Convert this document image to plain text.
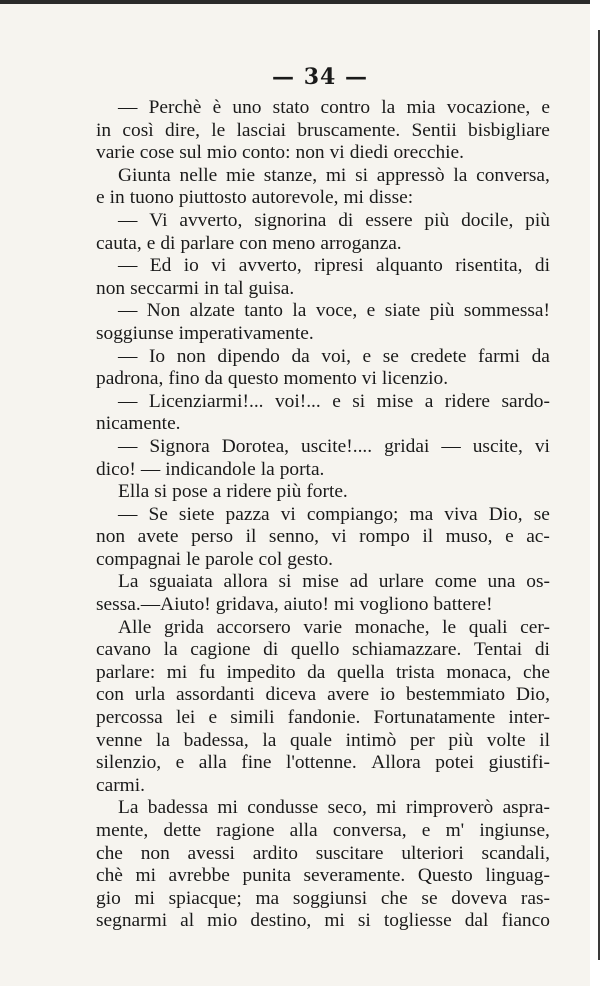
— 34 —
— Perchè è uno stato contro la mia vocazione, e
in così dire, le lasciai bruscamente. Sentii bisbigliare
varie cose sul mio conto: non vi diedi orecchie.
Giunta nelle mie stanze, mi si appressò la conversa,
e in tuono piuttosto autorevole, mi disse:
— Vi avverto, signorina di essere più docile, più
cauta, e di parlare con meno arroganza.
— Ed io vi avverto, ripresi alquanto risentita, di
non seccarmi in tal guisa.
— Non alzate tanto la voce, e siate più sommessa!
soggiunse imperativamente.
— Io non dipendo da voi, e se credete farmi da
padrona, fino da questo momento vi licenzio.
— Licenziarmi!... voi!... e si mise a ridere sardo-
nicamente.
— Signora Dorotea, uscite!.... gridai — uscite, vi
dico! — indicandole la porta.
Ella si pose a ridere più forte.
— Se siete pazza vi compiango; ma viva Dio, se
non avete perso il senno, vi rompo il muso, e ac-
compagnai le parole col gesto.
La sguaiata allora si mise ad urlare come una os-
sessa.—Aiuto! gridava, aiuto! mi vogliono battere!
Alle grida accorsero varie monache, le quali cer-
cavano la cagione di quello schiamazzare. Tentai di
parlare: mi fu impedito da quella trista monaca, che
con urla assordanti diceva avere io bestemmiato Dio,
percossa lei e simili fandonie. Fortunatamente inter-
venne la badessa, la quale intimò per più volte il
silenzio, e alla fine l'ottenne. Allora potei giustifi-
carmi.
La badessa mi condusse seco, mi rimproverò aspra-
mente, dette ragione alla conversa, e m' ingiunse,
che non avessi ardito suscitare ulteriori scandali,
chè mi avrebbe punita severamente. Questo linguag-
gio mi spiacque; ma soggiunsi che se doveva ras-
segnarmi al mio destino, mi si togliesse dal fianco
